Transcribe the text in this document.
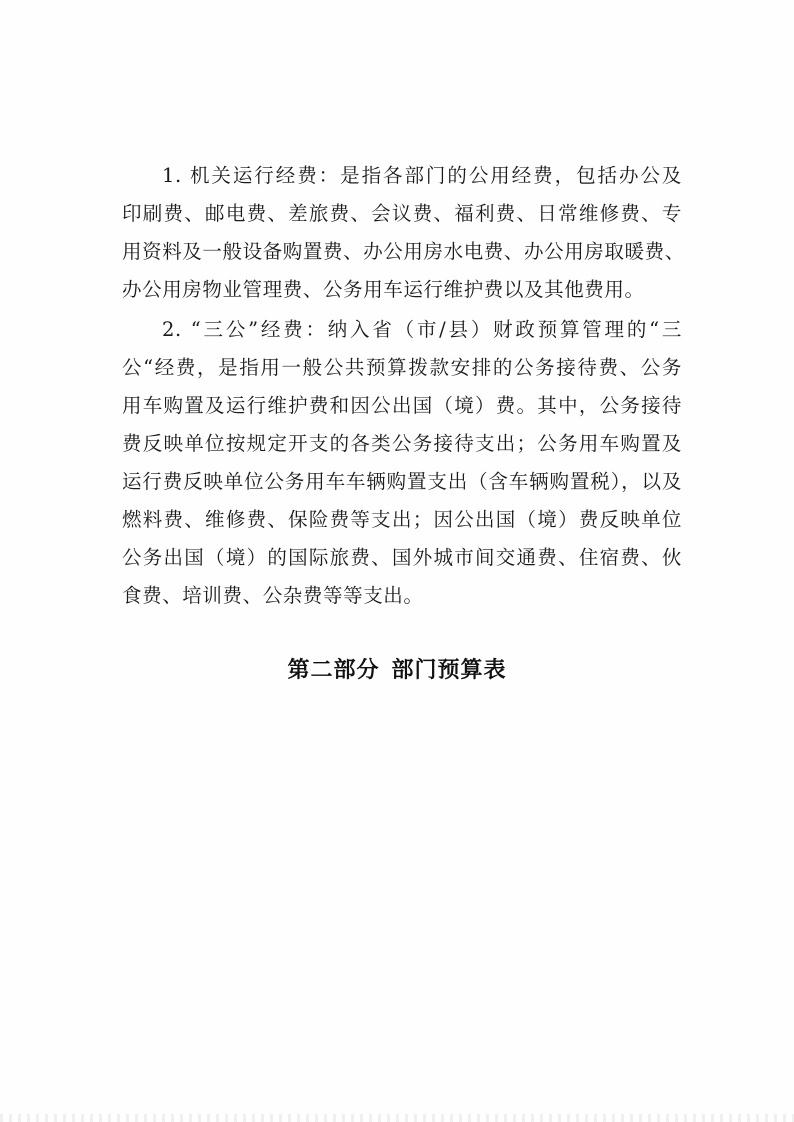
1. 机关运行经费：是指各部门的公用经费，包括办公及
印刷费、邮电费、差旅费、会议费、福利费、日常维修费、专
用资料及一般设备购置费、办公用房水电费、办公用房取暖费、
办公用房物业管理费、公务用车运行维护费以及其他费用。
2. “三公”经费：纳入省（市/县）财政预算管理的“三
公“经费，是指用一般公共预算拨款安排的公务接待费、公务
用车购置及运行维护费和因公出国（境）费。其中，公务接待
费反映单位按规定开支的各类公务接待支出；公务用车购置及
运行费反映单位公务用车车辆购置支出（含车辆购置税），以及
燃料费、维修费、保险费等支出；因公出国（境）费反映单位
公务出国（境）的国际旅费、国外城市间交通费、住宿费、伙
食费、培训费、公杂费等等支出。
第二部分 部门预算表
